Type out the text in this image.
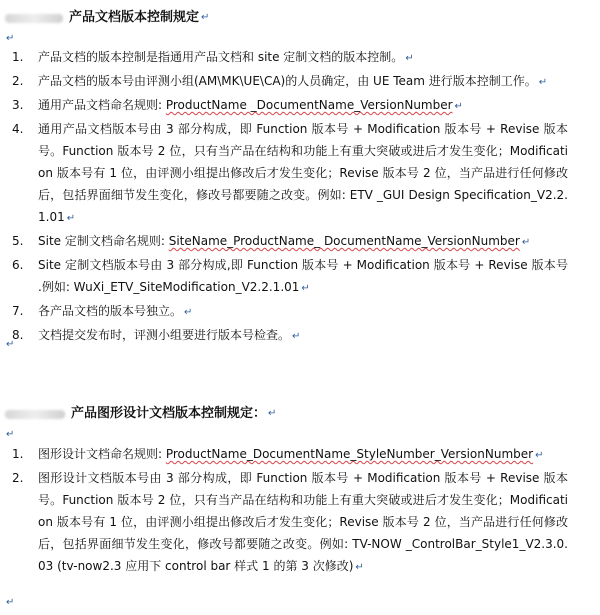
产品文档版本控制规定 ↵
↵
1.	产品文档的版本控制是指通用产品文档和 site 定制文档的版本控制。 ↵
2.	产品文档的版本号由评测小组(AM\MK\UE\CA)的人员确定，由 UE Team 进行版本控制工作。 ↵
3.	通用产品文档命名规则: ProductName _DocumentName_VersionNumber ↵
4.	通用产品文档版本号由 3 部分构成，即 Function 版本号 + Modification 版本号 + Revise 版本号。Function 版本号 2 位，只有当产品在结构和功能上有重大突破或进后才发生变化；Modification 版本号有 1 位，由评测小组提出修改后才发生变化；Revise 版本号 2 位，当产品进行任何修改后，包括界面细节发生变化，修改号都要随之改变。例如: ETV _GUI Design Specification_V2.2.1.01 ↵
5.	Site 定制文档命名规则: SiteName_ProductName_ DocumentName_VersionNumber ↵
6.	Site 定制文档版本号由 3 部分构成,即 Function 版本号 + Modification 版本号 + Revise 版本号 .例如: WuXi_ETV_SiteModification_V2.2.1.01 ↵
7.	各产品文档的版本号独立。 ↵
8.	文档提交发布时，评测小组要进行版本号检查。 ↵
↵
产品图形设计文档版本控制规定： ↵
↵
1.	图形设计文档命名规则: ProductName_DocumentName_StyleNumber_VersionNumber ↵
2.	图形设计文档版本号由 3 部分构成，即 Function 版本号 + Modification 版本号 + Revise 版本号。Function 版本号 2 位，只有当产品在结构和功能上有重大突破或进后才发生变化；Modification 版本号有 1 位，由评测小组提出修改后才发生变化；Revise 版本号 2 位，当产品进行任何修改后，包括界面细节发生变化，修改号都要随之改变。例如: TV-NOW _ControlBar_Style1_V2.3.0.03 (tv-now2.3 应用下 control bar 样式 1 的第 3 次修改) ↵
↵
